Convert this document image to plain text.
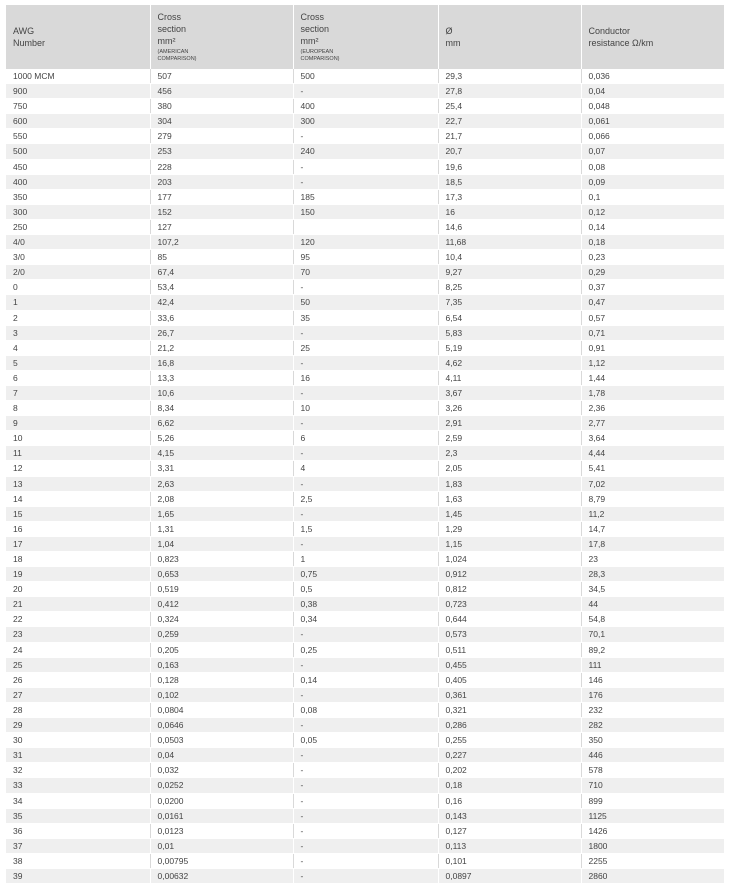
AWG
Number	Cross
section
mm²
(AMERICAN
COMPARISON)	Cross
section
mm²
(EUROPEAN
COMPARISON)	Ø
mm	Conductor
resistance Ω/km

1000 MCM	507	500	29,3	0,036
900	456	-	27,8	0,04
750	380	400	25,4	0,048
600	304	300	22,7	0,061
550	279	-	21,7	0,066
500	253	240	20,7	0,07
450	228	-	19,6	0,08
400	203	-	18,5	0,09
350	177	185	17,3	0,1
300	152	150	16	0,12
250	127		14,6	0,14
4/0	107,2	120	11,68	0,18
3/0	85	95	10,4	0,23
2/0	67,4	70	9,27	0,29
0	53,4	-	8,25	0,37
1	42,4	50	7,35	0,47
2	33,6	35	6,54	0,57
3	26,7	-	5,83	0,71
4	21,2	25	5,19	0,91
5	16,8	-	4,62	1,12
6	13,3	16	4,11	1,44
7	10,6	-	3,67	1,78
8	8,34	10	3,26	2,36
9	6,62	-	2,91	2,77
10	5,26	6	2,59	3,64
11	4,15	-	2,3	4,44
12	3,31	4	2,05	5,41
13	2,63	-	1,83	7,02
14	2,08	2,5	1,63	8,79
15	1,65	-	1,45	11,2
16	1,31	1,5	1,29	14,7
17	1,04	-	1,15	17,8
18	0,823	1	1,024	23
19	0,653	0,75	0,912	28,3
20	0,519	0,5	0,812	34,5
21	0,412	0,38	0,723	44
22	0,324	0,34	0,644	54,8
23	0,259	-	0,573	70,1
24	0,205	0,25	0,511	89,2
25	0,163	-	0,455	111
26	0,128	0,14	0,405	146
27	0,102	-	0,361	176
28	0,0804	0,08	0,321	232
29	0,0646	-	0,286	282
30	0,0503	0,05	0,255	350
31	0,04	-	0,227	446
32	0,032	-	0,202	578
33	0,0252	-	0,18	710
34	0,0200	-	0,16	899
35	0,0161	-	0,143	1125
36	0,0123	-	0,127	1426
37	0,01	-	0,113	1800
38	0,00795	-	0,101	2255
39	0,00632	-	0,0897	2860
